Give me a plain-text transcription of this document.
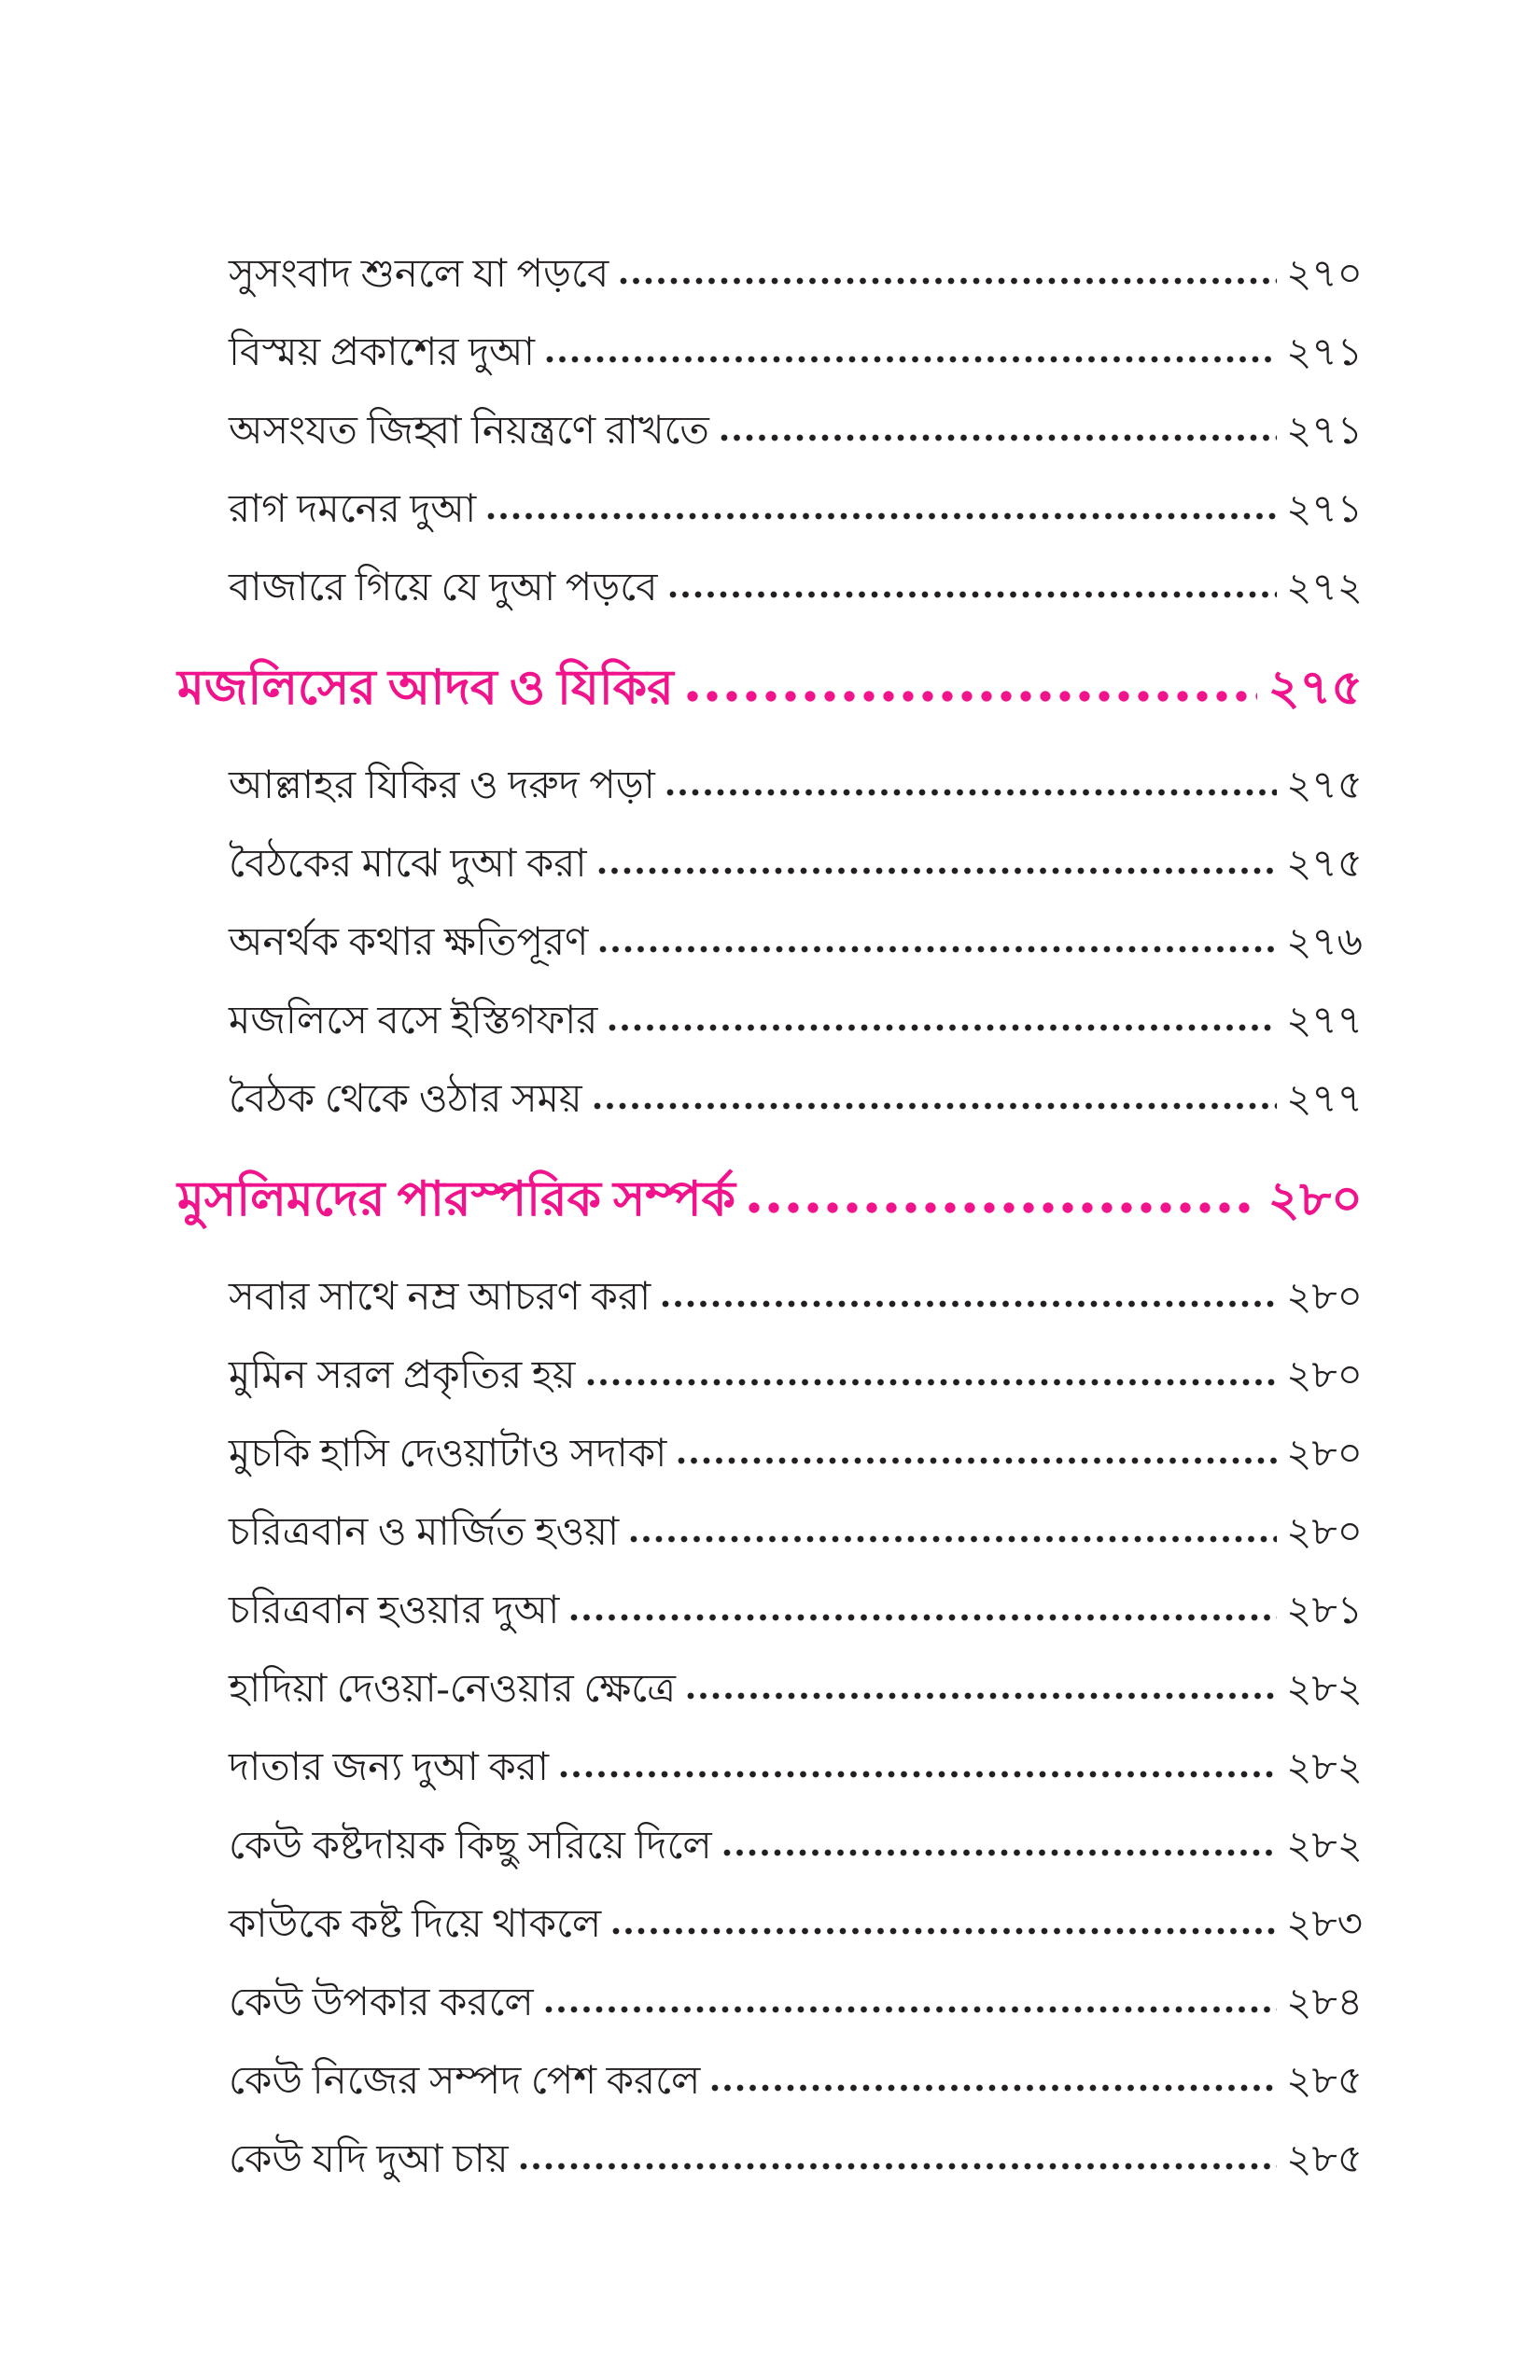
সুসংবাদ শুনলে যা পড়বে	২৭০
বিস্ময় প্রকাশের দুআ	২৭১
অসংযত জিহ্বা নিয়ন্ত্রণে রাখতে	২৭১
রাগ দমনের দুআ	২৭১
বাজারে গিয়ে যে দুআ পড়বে	২৭২
মজলিসের আদব ও যিকির	২৭৫
আল্লাহর যিকির ও দরুদ পড়া	২৭৫
বৈঠকের মাঝে দুআ করা	২৭৫
অনর্থক কথার ক্ষতিপূরণ	২৭৬
মজলিসে বসে ইস্তিগফার	২৭৭
বৈঠক থেকে ওঠার সময়	২৭৭
মুসলিমদের পারস্পরিক সম্পর্ক	২৮০
সবার সাথে নম্র আচরণ করা	২৮০
মুমিন সরল প্রকৃতির হয়	২৮০
মুচকি হাসি দেওয়াটাও সদাকা	২৮০
চরিত্রবান ও মার্জিত হওয়া	২৮০
চরিত্রবান হওয়ার দুআ	২৮১
হাদিয়া দেওয়া-নেওয়ার ক্ষেত্রে	২৮২
দাতার জন্য দুআ করা	২৮২
কেউ কষ্টদায়ক কিছু সরিয়ে দিলে	২৮২
কাউকে কষ্ট দিয়ে থাকলে	২৮৩
কেউ উপকার করলে	২৮৪
কেউ নিজের সম্পদ পেশ করলে	২৮৫
কেউ যদি দুআ চায়	২৮৫
